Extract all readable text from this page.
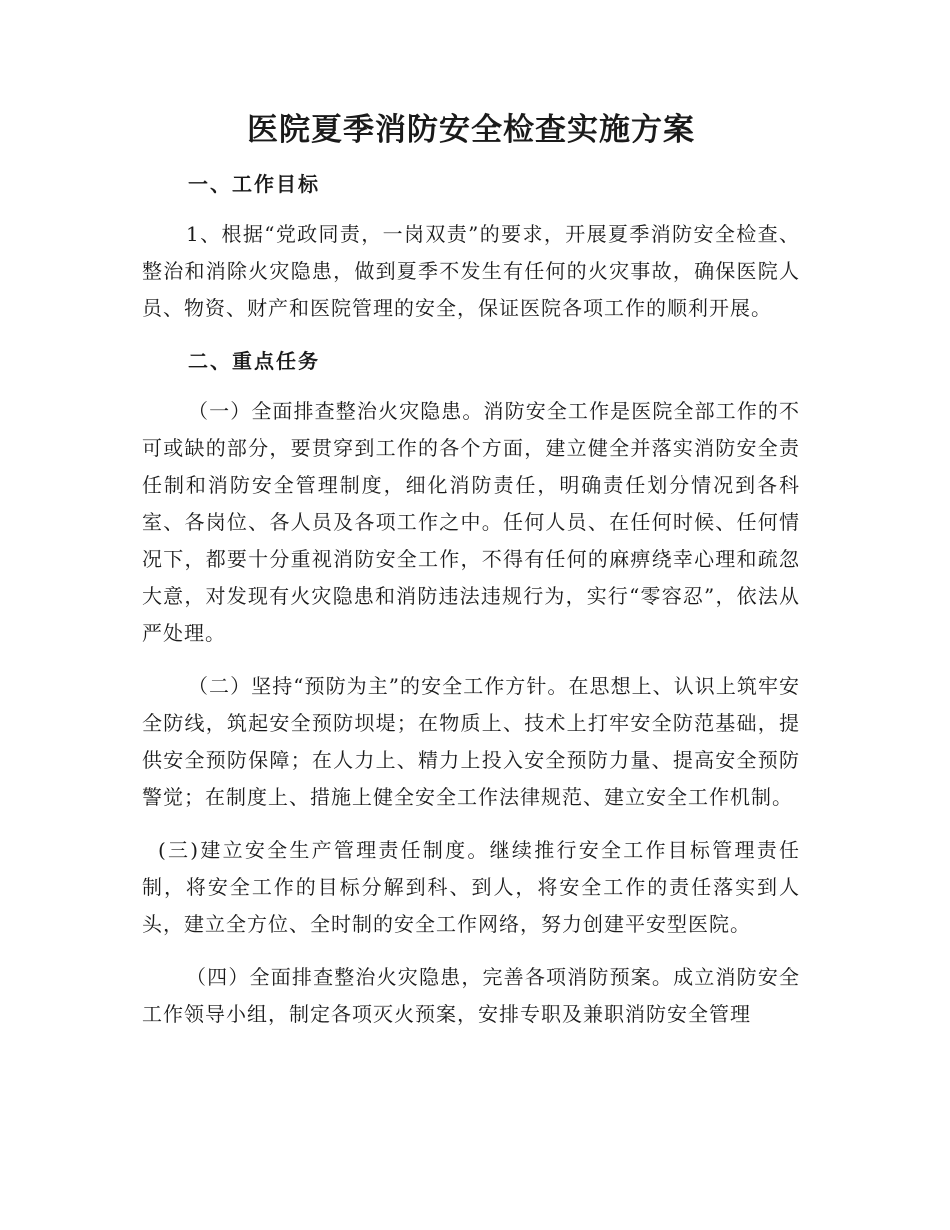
医院夏季消防安全检查实施方案
一、工作目标

1、根据“党政同责，一岗双责”的要求，开展夏季消防安全检查、整治和消除火灾隐患，做到夏季不发生有任何的火灾事故，确保医院人员、物资、财产和医院管理的安全，保证医院各项工作的顺利开展。

二、重点任务

（一）全面排查整治火灾隐患。消防安全工作是医院全部工作的不可或缺的部分，要贯穿到工作的各个方面，建立健全并落实消防安全责任制和消防安全管理制度，细化消防责任，明确责任划分情况到各科室、各岗位、各人员及各项工作之中。任何人员、在任何时候、任何情况下，都要十分重视消防安全工作，不得有任何的麻痹绕幸心理和疏忽大意，对发现有火灾隐患和消防违法违规行为，实行“零容忍”，依法从严处理。

（二）坚持“预防为主”的安全工作方针。在思想上、认识上筑牢安全防线，筑起安全预防坝堤；在物质上、技术上打牢安全防范基础，提供安全预防保障；在人力上、精力上投入安全预防力量、提高安全预防警觉；在制度上、措施上健全安全工作法律规范、建立安全工作机制。

(三)建立安全生产管理责任制度。继续推行安全工作目标管理责任制，将安全工作的目标分解到科、到人，将安全工作的责任落实到人头，建立全方位、全时制的安全工作网络，努力创建平安型医院。

（四）全面排查整治火灾隐患，完善各项消防预案。成立消防安全工作领导小组，制定各项灭火预案，安排专职及兼职消防安全管理
